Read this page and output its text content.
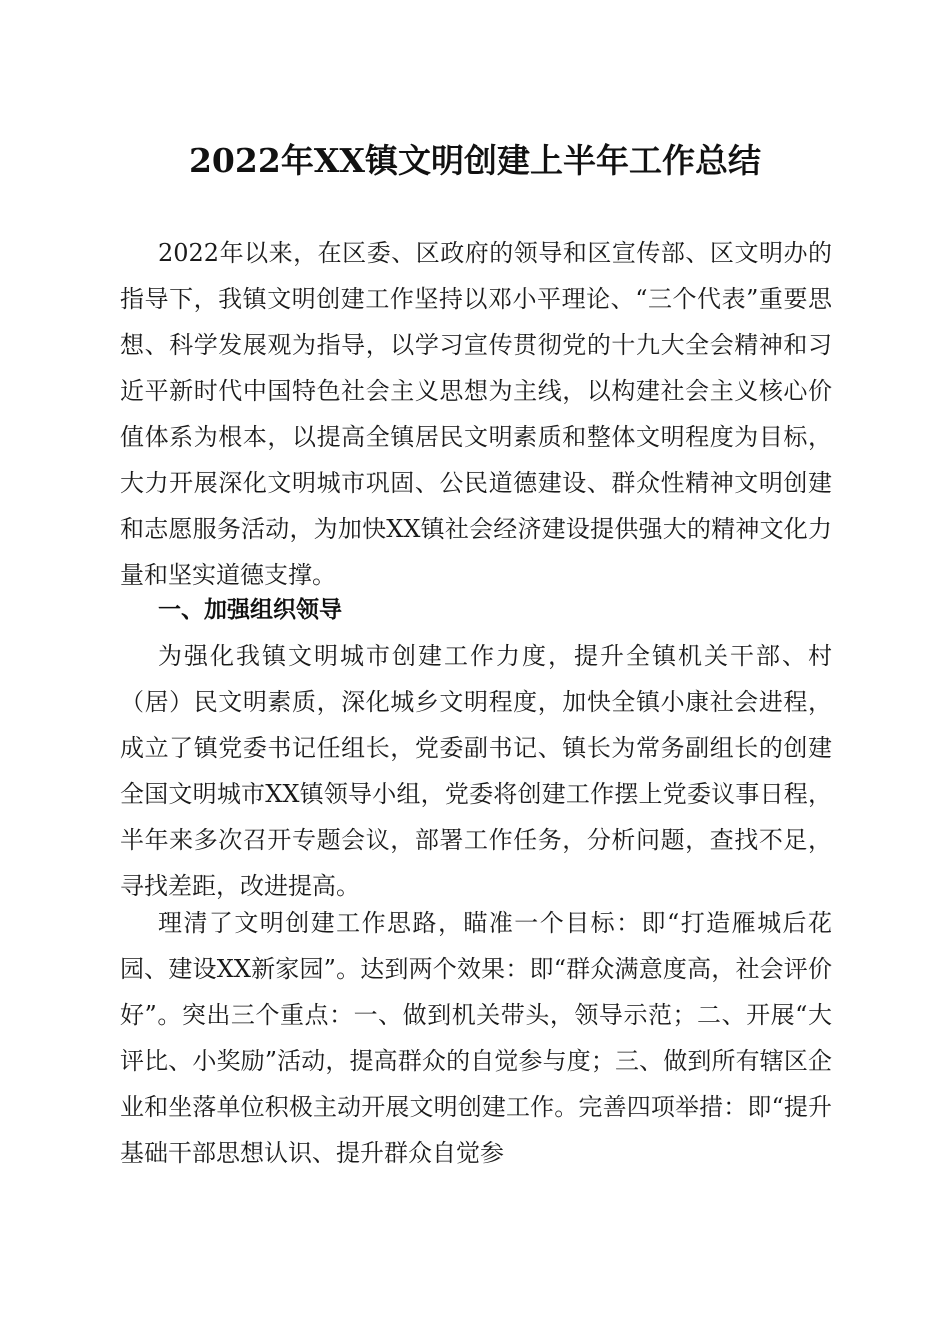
2022年XX镇文明创建上半年工作总结
2022年以来，在区委、区政府的领导和区宣传部、区文明办的指导下，我镇文明创建工作坚持以邓小平理论、“三个代表”重要思想、科学发展观为指导，以学习宣传贯彻党的十九大全会精神和习近平新时代中国特色社会主义思想为主线，以构建社会主义核心价值体系为根本，以提高全镇居民文明素质和整体文明程度为目标，大力开展深化文明城市巩固、公民道德建设、群众性精神文明创建和志愿服务活动，为加快XX镇社会经济建设提供强大的精神文化力量和坚实道德支撑。
一、加强组织领导
为强化我镇文明城市创建工作力度，提升全镇机关干部、村（居）民文明素质，深化城乡文明程度，加快全镇小康社会进程，成立了镇党委书记任组长，党委副书记、镇长为常务副组长的创建全国文明城市XX镇领导小组，党委将创建工作摆上党委议事日程，半年来多次召开专题会议，部署工作任务，分析问题，查找不足，寻找差距，改进提高。
理清了文明创建工作思路，瞄准一个目标：即“打造雁城后花园、建设XX新家园”。达到两个效果：即“群众满意度高，社会评价好”。突出三个重点：一、做到机关带头，领导示范；二、开展“大评比、小奖励”活动，提高群众的自觉参与度；三、做到所有辖区企业和坐落单位积极主动开展文明创建工作。完善四项举措：即“提升基础干部思想认识、提升群众自觉参
